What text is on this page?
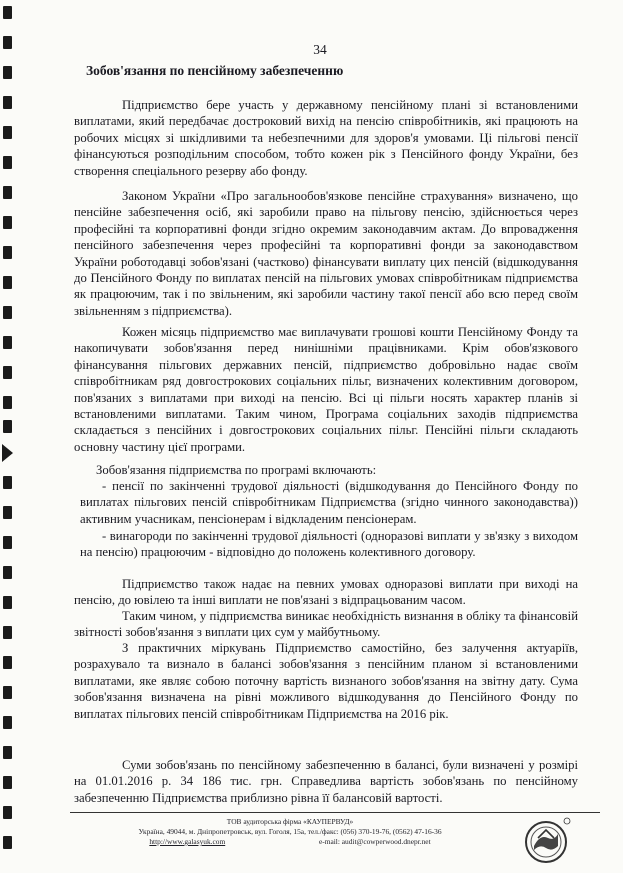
34
Зобов'язання по пенсійному забезпеченню

Підприємство бере участь у державному пенсійному плані зі встановленими виплатами, який передбачає достроковий вихід на пенсію співробітників, які працюють на робочих місцях зі шкідливими та небезпечними для здоров'я умовами. Ці пільгові пенсії фінансуються розподільним способом, тобто кожен рік з Пенсійного фонду України, без створення спеціального резерву або фонду.

Законом України «Про загальнообов'язкове пенсійне страхування» визначено, що пенсійне забезпечення осіб, які заробили право на пільгову пенсію, здійснюється через професійні та корпоративні фонди згідно окремим законодавчим актам. До впровадження пенсійного забезпечення через професійні та корпоративні фонди за законодавством України роботодавці зобов'язані (частково) фінансувати виплату цих пенсій (відшкодування до Пенсійного Фонду по виплатах пенсій на пільгових умовах співробітникам підприємства як працюючим, так і по звільненим, які заробили частину такої пенсії або всю перед своїм звільненням з підприємства).

Кожен місяць підприємство має виплачувати грошові кошти Пенсійному Фонду та накопичувати зобов'язання перед нинішніми працівниками. Крім обов'язкового фінансування пільгових державних пенсій, підприємство добровільно надає своїм співробітникам ряд довгострокових соціальних пільг, визначених колективним договором, пов'язаних з виплатами при виході на пенсію. Всі ці пільги носять характер планів зі встановленими виплатами. Таким чином, Програма соціальних заходів підприємства складається з пенсійних і довгострокових соціальних пільг. Пенсійні пільги складають основну частину цієї програми.

Зобов'язання підприємства по програмі включають:

- пенсії по закінченні трудової діяльності (відшкодування до Пенсійного Фонду по виплатах пільгових пенсій співробітникам Підприємства (згідно чинного законодавства)) активним учасникам, пенсіонерам і відкладеним пенсіонерам.

- винагороди по закінченні трудової діяльності (одноразові виплати у зв'язку з виходом на пенсію) працюючим - відповідно до положень колективного договору.

Підприємство також надає на певних умовах одноразові виплати при виході на пенсію, до ювілею та інші виплати не пов'язані з відпрацьованим часом.

Таким чином, у підприємства виникає необхідність визнання в обліку та фінансовій звітності зобов'язання з виплати цих сум у майбутньому.

З практичних міркувань Підприємство самостійно, без залучення актуаріїв, розрахувало та визнало в балансі зобов'язання з пенсійним планом зі встановленими виплатами, яке являє собою поточну вартість визнаного зобов'язання на звітну дату. Сума зобов'язання визначена на рівні можливого відшкодування до Пенсійного Фонду по виплатах пільгових пенсій співробітникам Підприємства на 2016 рік.

Суми зобов'язань по пенсійному забезпеченню в балансі, були визначені у розмірі на 01.01.2016 р. 34 186 тис. грн. Справедлива вартість зобов'язань по пенсійному забезпеченню Підприємства приблизно рівна її балансовій вартості.

ТОВ аудиторська фірма «КАУПЕРВУД»
Україна, 49044, м. Дніпропетровськ, вул. Гоголя, 15а, тел./факс: (056) 370-19-76, (0562) 47-16-36
http://www.galasyuk.com	e-mail: audit@cowperwood.dnepr.net
